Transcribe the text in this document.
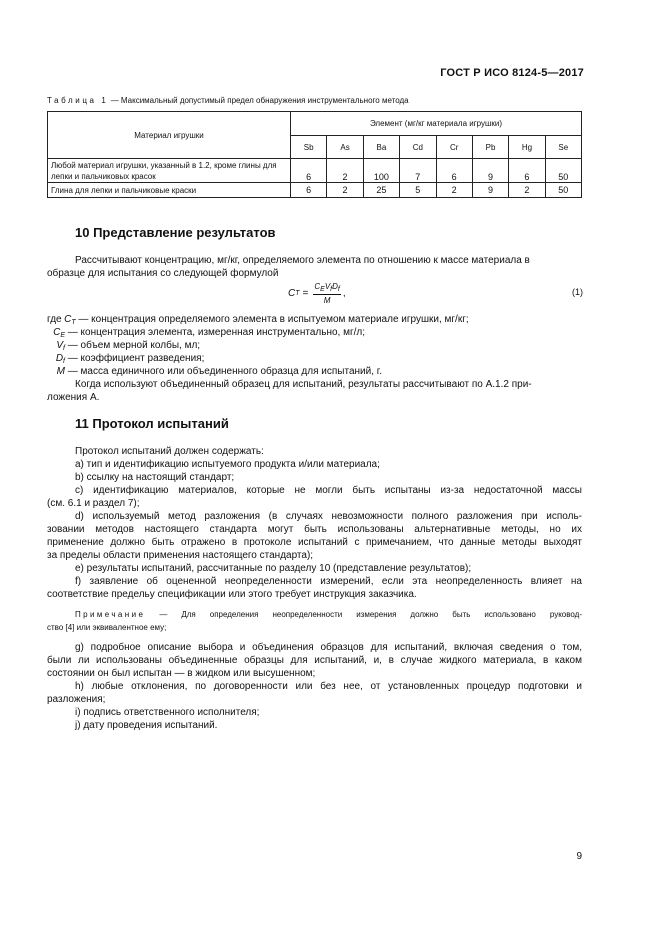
ГОСТ Р ИСО 8124-5—2017
Таблица 1 — Максимальный допустимый предел обнаружения инструментального метода
Материал игрушки	Элемент (мг/кг материала игрушки)							
	Sb	As	Ba	Cd	Cr	Pb	Hg	Se
Любой материал игрушки, указанный в 1.2, кроме глины для лепки и пальчиковых красок	6	2	100	7	6	9	6	50
Глина для лепки и пальчиковые краски	6	2	25	5	2	9	2	50
10 Представление результатов
Рассчитывают концентрацию, мг/кг, определяемого элемента по отношению к массе материала в
образце для испытания со следующей формулой
C $T = \frac{C_EV_fD_f}{M}$ ,	(1)
где $C_T$ — концентрация определяемого элемента в испытуемом материале игрушки, мг/кг;
$C_E$ — концентрация элемента, измеренная инструментально, мг/л;
$V_f$ — объем мерной колбы, мл;
$D_f$ — коэффициент разведения;
M — масса единичного или объединенного образца для испытаний, г.
Когда используют объединенный образец для испытаний, результаты рассчитывают по А.1.2 при-
ложения А.
11 Протокол испытаний
Протокол испытаний должен содержать:
а) тип и идентификацию испытуемого продукта и/или материала;
b) ссылку на настоящий стандарт;
с) идентификацию материалов, которые не могли быть испытаны из-за недостаточной массы
(см. 6.1 и раздел 7);
d) используемый метод разложения (в случаях невозможности полного разложения при исполь-
зовании методов настоящего стандарта могут быть использованы альтернативные методы, но их
применение должно быть отражено в протоколе испытаний с примечанием, что данные методы выходят
за пределы области применения настоящего стандарта);
е) результаты испытаний, рассчитанные по разделу 10 (представление результатов);
f) заявление об оцененной неопределенности измерений, если эта неопределенность влияет на
соответствие предельу спецификации или этого требует инструкция заказчика.
Примечание — Для определения неопределенности измерения должно быть использовано руковод-
ство [4] или эквивалентное ему;
g) подробное описание выбора и объединения образцов для испытаний, включая сведения о том,
были ли использованы объединенные образцы для испытаний, и, в случае жидкого материала, в каком
состоянии он был испытан — в жидком или высушенном;
h) любые отклонения, по договоренности или без нее, от установленных процедур подготовки и
разложения;
i) подпись ответственного исполнителя;
j) дату проведения испытаний.
9
